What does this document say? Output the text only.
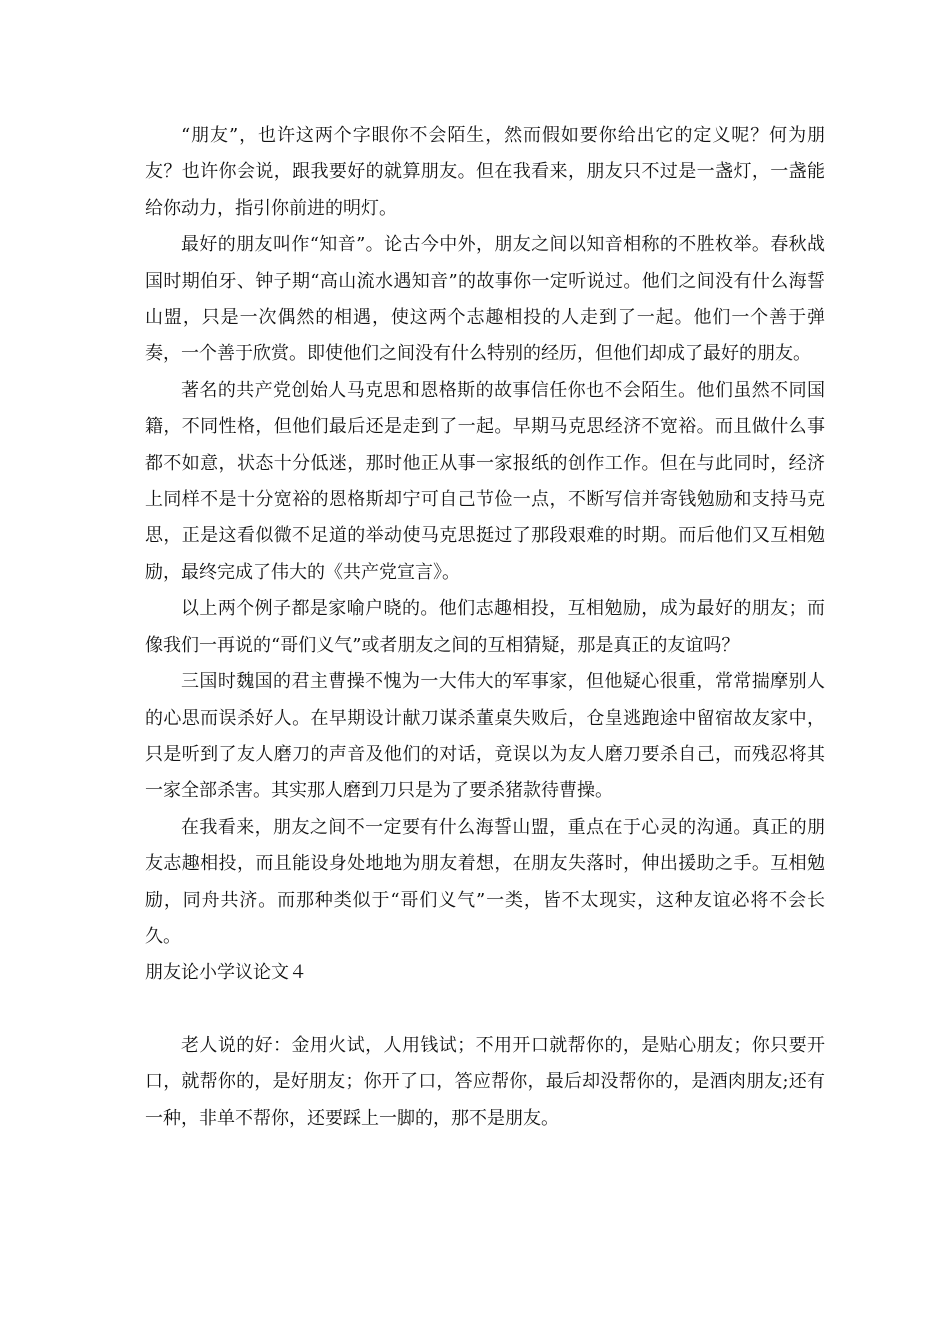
“朋友”，也许这两个字眼你不会陌生，然而假如要你给出它的定义呢？何为朋友？也许你会说，跟我要好的就算朋友。但在我看来，朋友只不过是一盏灯，一盏能给你动力，指引你前进的明灯。

最好的朋友叫作“知音”。论古今中外，朋友之间以知音相称的不胜枚举。春秋战国时期伯牙、钟子期“高山流水遇知音”的故事你一定听说过。他们之间没有什么海誓山盟，只是一次偶然的相遇，使这两个志趣相投的人走到了一起。他们一个善于弹奏，一个善于欣赏。即使他们之间没有什么特别的经历，但他们却成了最好的朋友。

著名的共产党创始人马克思和恩格斯的故事信任你也不会陌生。他们虽然不同国籍，不同性格，但他们最后还是走到了一起。早期马克思经济不宽裕。而且做什么事都不如意，状态十分低迷，那时他正从事一家报纸的创作工作。但在与此同时，经济上同样不是十分宽裕的恩格斯却宁可自己节俭一点，不断写信并寄钱勉励和支持马克思，正是这看似微不足道的举动使马克思挺过了那段艰难的时期。而后他们又互相勉励，最终完成了伟大的《共产党宣言》。

以上两个例子都是家喻户晓的。他们志趣相投，互相勉励，成为最好的朋友；而像我们一再说的“哥们义气”或者朋友之间的互相猜疑，那是真正的友谊吗？

三国时魏国的君主曹操不愧为一大伟大的军事家，但他疑心很重，常常揣摩别人的心思而误杀好人。在早期设计献刀谋杀董桌失败后，仓皇逃跑途中留宿故友家中，只是听到了友人磨刀的声音及他们的对话，竟误以为友人磨刀要杀自己，而残忍将其一家全部杀害。其实那人磨到刀只是为了要杀猪款待曹操。

在我看来，朋友之间不一定要有什么海誓山盟，重点在于心灵的沟通。真正的朋友志趣相投，而且能设身处地地为朋友着想，在朋友失落时，伸出援助之手。互相勉励，同舟共济。而那种类似于“哥们义气”一类，皆不太现实，这种友谊必将不会长久。

朋友论小学议论文４

老人说的好：金用火试，人用钱试；不用开口就帮你的，是贴心朋友；你只要开口，就帮你的，是好朋友；你开了口，答应帮你，最后却没帮你的，是酒肉朋友;还有一种，非单不帮你，还要踩上一脚的，那不是朋友。
